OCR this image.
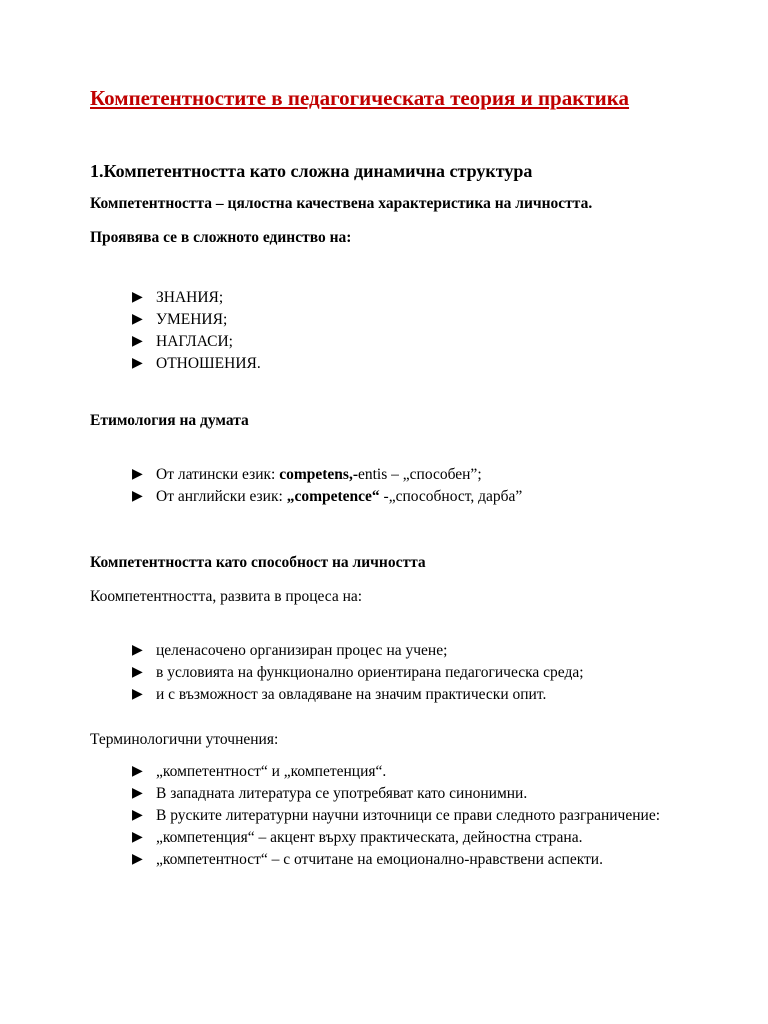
Компетентностите в педагогическата теория и практика
1.Компетентността като сложна динамична структура
Компетентността – цялостна качествена характеристика на личността.
Проявява се в сложното единство на:
▶ ЗНАНИЯ;
▶ УМЕНИЯ;
▶ НАГЛАСИ;
▶ ОТНОШЕНИЯ.
Етимология на думата
▶ От латински език: competens,-entis – „способен”;
▶ От английски език: „competence“ -„способност, дарба”
Компетентността като способност на личността
Коомпетентността, развита в процеса на:
▶ целенасочено организиран процес на учене;
▶ в условията на функционално ориентирана педагогическа среда;
▶ и с възможност за овладяване на значим практически опит.
Терминологични уточнения:
▶ „компетентност“ и „компетенция“.
▶ В западната литература се употребяват като синонимни.
▶ В руските литературни научни източници се прави следното разграничение:
▶ „компетенция“ – акцент върху практическата, дейностна страна.
▶ „компетентност“ – с отчитане на емоционално-нравствени аспекти.
